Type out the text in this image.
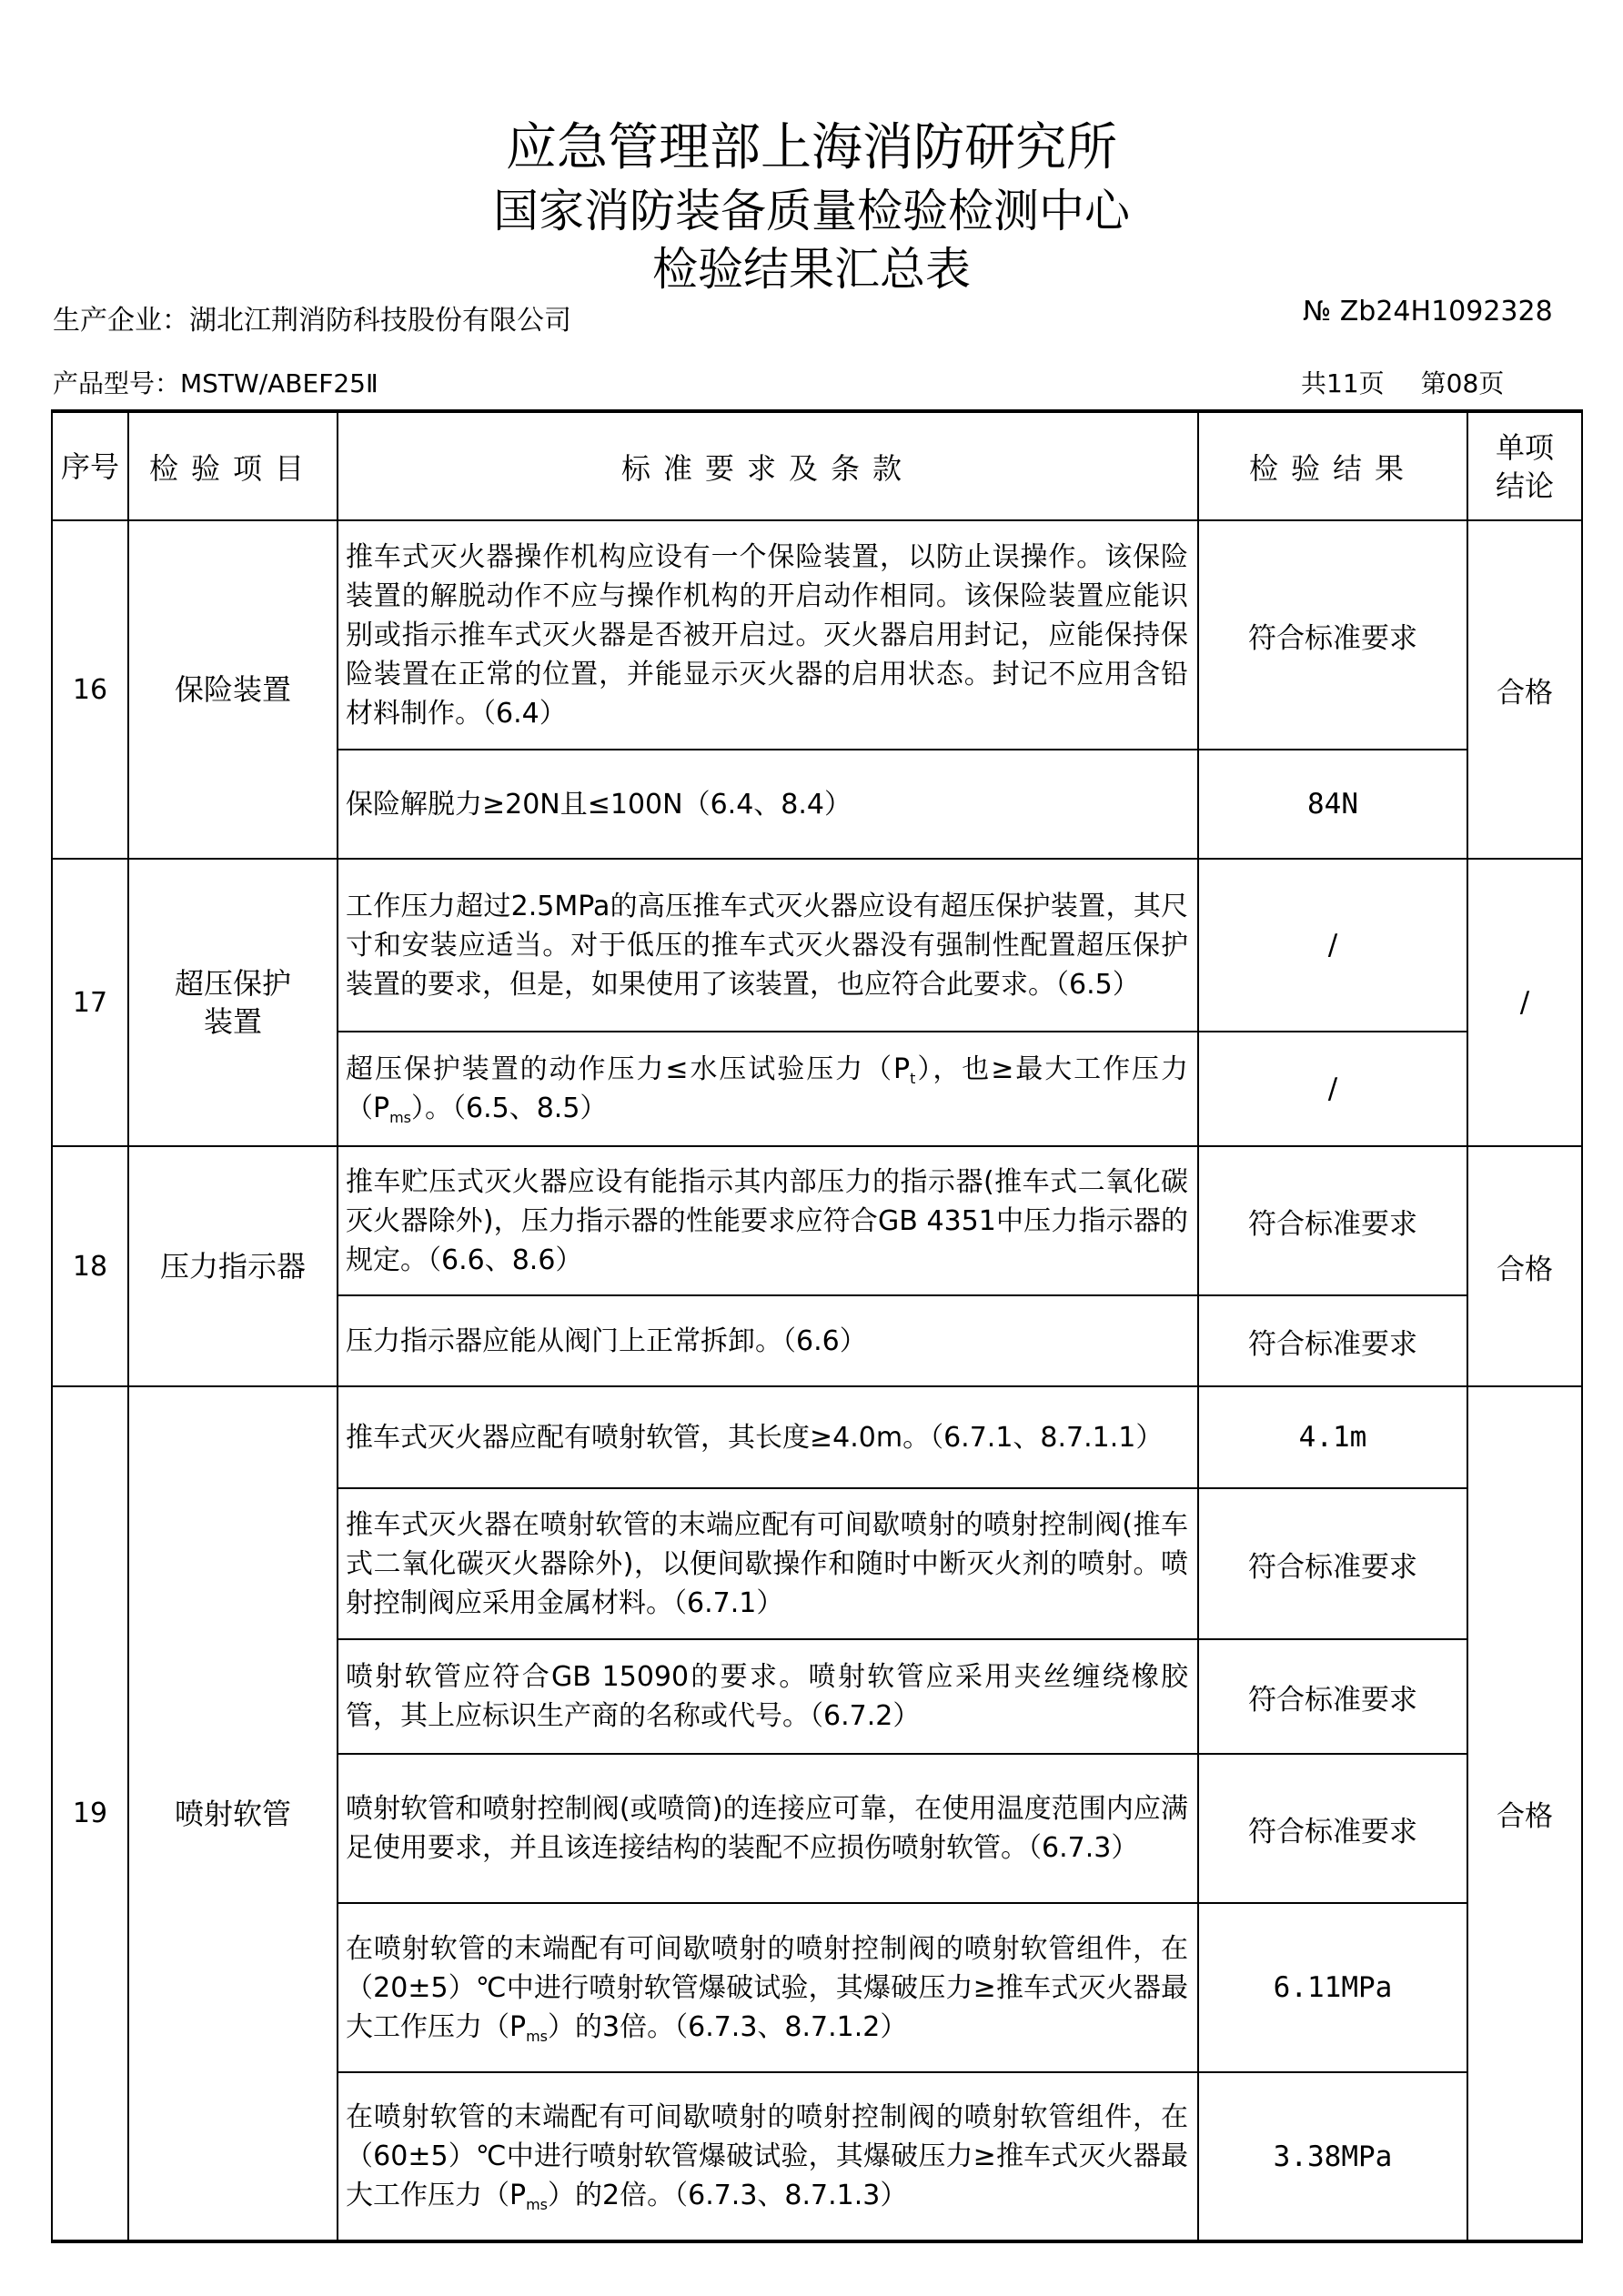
应急管理部上海消防研究所
国家消防装备质量检验检测中心
检验结果汇总表
生产企业：湖北江荆消防科技股份有限公司	№ Zb24H1092328
产品型号：MSTW/ABEF25Ⅱ	共11页 第08页
序号	检验项目	标准要求及条款	检验结果	单项
结论

16	保险装置	推车式灭火器操作机构应设有一个保险装置，以防止误操作。该保险装置的解脱动作不应与操作机构的开启动作相同。该保险装置应能识别或指示推车式灭火器是否被开启过。灭火器启用封记，应能保持保险装置在正常的位置，并能显示灭火器的启用状态。封记不应用含铅材料制作。（6.4）	符合标准要求	合格
		保险解脱力≥20N且≤100N（6.4、8.4）	84N	
17	超压保护
装置	工作压力超过2.5MPa的高压推车式灭火器应设有超压保护装置，其尺寸和安装应适当。对于低压的推车式灭火器没有强制性配置超压保护装置的要求，但是，如果使用了该装置，也应符合此要求。（6.5）	/	/
		超压保护装置的动作压力≤水压试验压力$(P_t)$，也≥最大工作压力$(P_{ms})$。（6.5、8.5）	/	
18	压力指示器	推车贮压式灭火器应设有能指示其内部压力的指示器(推车式二氧化碳灭火器除外)，压力指示器的性能要求应符合GB 4351中压力指示器的规定。（6.6、8.6）	符合标准要求	合格
		压力指示器应能从阀门上正常拆卸。（6.6）	符合标准要求	
19	喷射软管	推车式灭火器应配有喷射软管，其长度≥4.0m。（6.7.1、8.7.1.1）	4.1m	合格
		推车式灭火器在喷射软管的末端应配有可间歇喷射的喷射控制阀(推车式二氧化碳灭火器除外)，以便间歇操作和随时中断灭火剂的喷射。喷射控制阀应采用金属材料。（6.7.1）	符合标准要求	
		喷射软管应符合GB 15090的要求。喷射软管应采用夹丝缠绕橡胶管，其上应标识生产商的名称或代号。（6.7.2）	符合标准要求	
		喷射软管和喷射控制阀(或喷筒)的连接应可靠，在使用温度范围内应满足使用要求，并且该连接结构的装配不应损伤喷射软管。（6.7.3）	符合标准要求	
		在喷射软管的末端配有可间歇喷射的喷射控制阀的喷射软管组件，在（20±5）℃中进行喷射软管爆破试验，其爆破压力≥推车式灭火器最大工作压力$(P_{ms})$的3倍。（6.7.3、8.7.1.2）	6.11MPa	
		在喷射软管的末端配有可间歇喷射的喷射控制阀的喷射软管组件，在（60±5）℃中进行喷射软管爆破试验，其爆破压力≥推车式灭火器最大工作压力$(P_{ms})$的2倍。（6.7.3、8.7.1.3）	3.38MPa	
